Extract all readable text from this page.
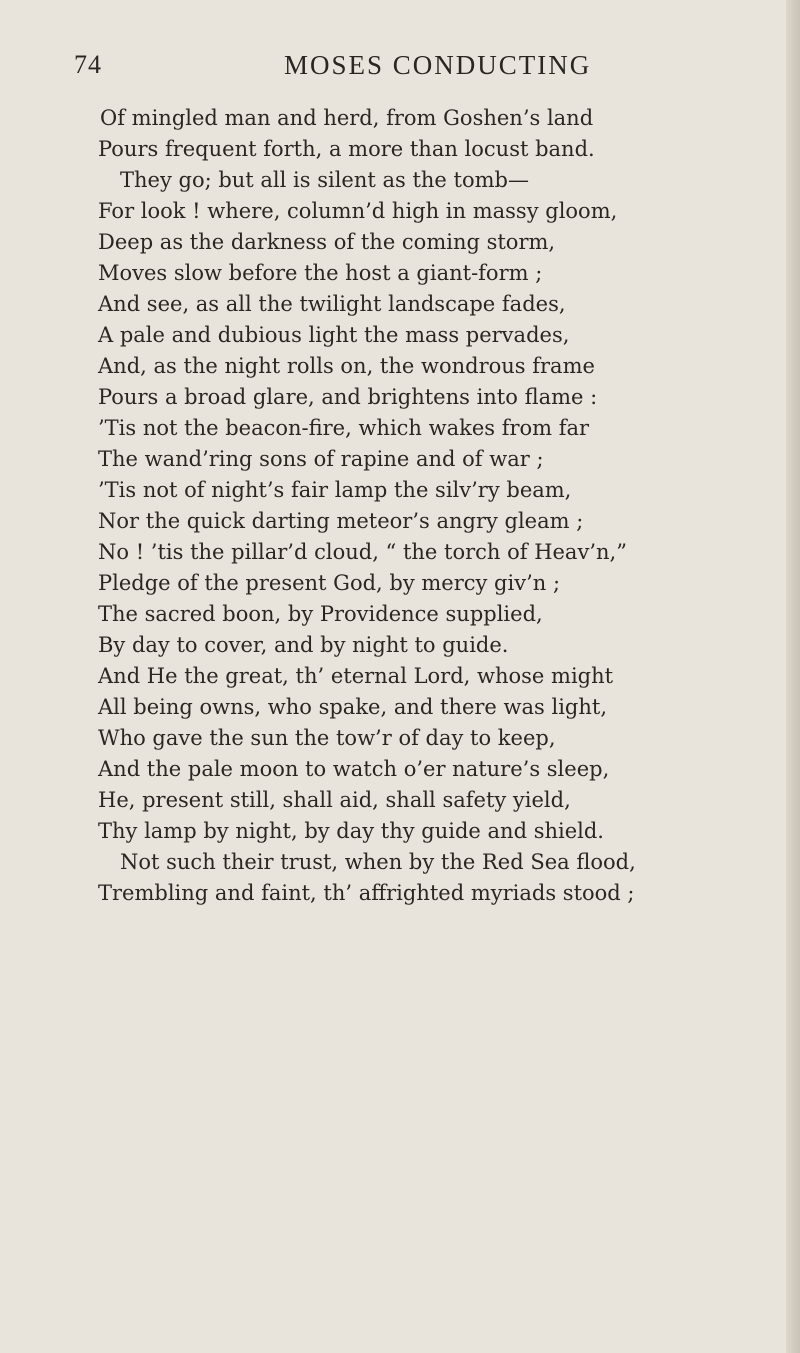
74	MOSES CONDUCTING
Of mingled man and herd, from Goshen’s land
Pours frequent forth, a more than locust band.
They go; but all is silent as the tomb—
For look ! where, column’d high in massy gloom,
Deep as the darkness of the coming storm,
Moves slow before the host a giant-form ;
And see, as all the twilight landscape fades,
A pale and dubious light the mass pervades,
And, as the night rolls on, the wondrous frame
Pours a broad glare, and brightens into flame :
’Tis not the beacon-fire, which wakes from far
The wand’ring sons of rapine and of war ;
’Tis not of night’s fair lamp the silv’ry beam,
Nor the quick darting meteor’s angry gleam ;
No ! ’tis the pillar’d cloud, “ the torch of Heav’n,”
Pledge of the present God, by mercy giv’n ;
The sacred boon, by Providence supplied,
By day to cover, and by night to guide.
And He the great, th’ eternal Lord, whose might
All being owns, who spake, and there was light,
Who gave the sun the tow’r of day to keep,
And the pale moon to watch o’er nature’s sleep,
He, present still, shall aid, shall safety yield,
Thy lamp by night, by day thy guide and shield.
Not such their trust, when by the Red Sea flood,
Trembling and faint, th’ affrighted myriads stood ;
